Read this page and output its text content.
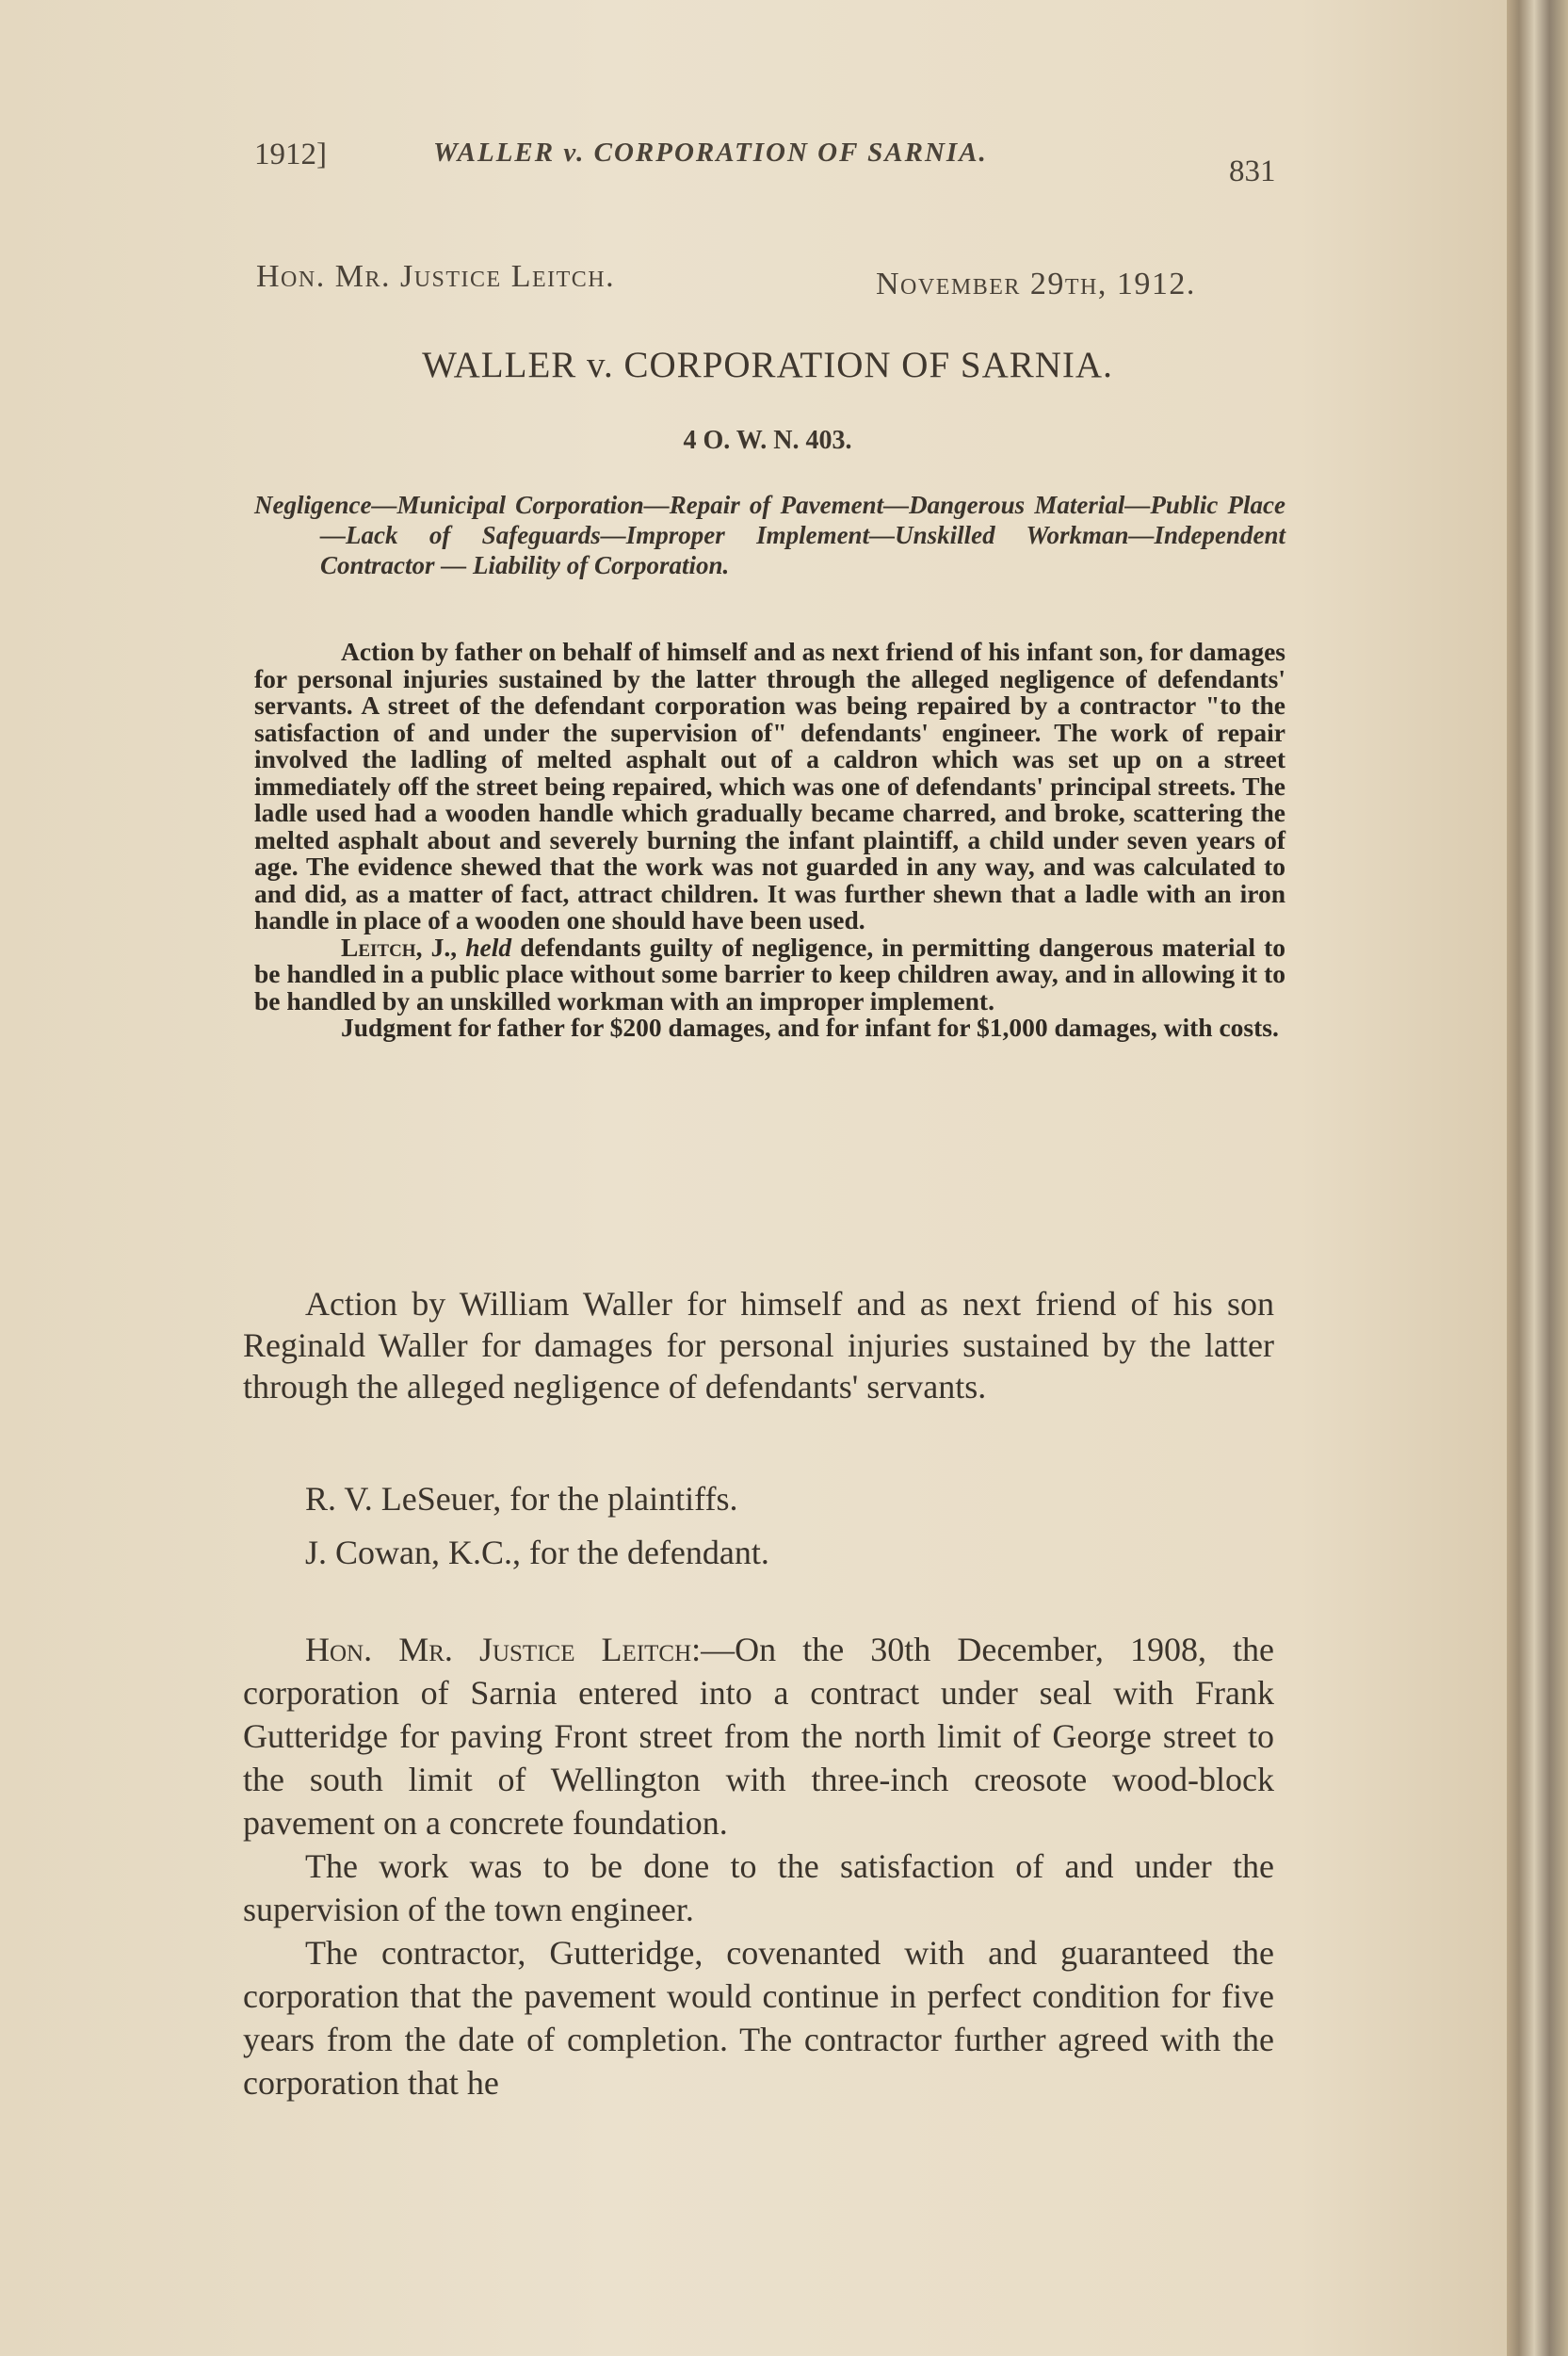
1912]	WALLER v. CORPORATION OF SARNIA.
831
Hon. Mr. Justice Leitch.	November 29th, 1912.
WALLER v. CORPORATION OF SARNIA.
4 O. W. N. 403.

Negligence—Municipal Corporation—Repair of Pavement—Dangerous Material—Public Place—Lack of Safeguards—Improper Implement—Unskilled Workman—Independent Contractor — Liability of Corporation.

Action by father on behalf of himself and as next friend of his infant son, for damages for personal injuries sustained by the latter through the alleged negligence of defendants' servants. A street of the defendant corporation was being repaired by a contractor "to the satisfaction of and under the supervision of" defendants' engineer. The work of repair involved the ladling of melted asphalt out of a caldron which was set up on a street immediately off the street being repaired, which was one of defendants' principal streets. The ladle used had a wooden handle which gradually became charred, and broke, scattering the melted asphalt about and severely burning the infant plaintiff, a child under seven years of age. The evidence shewed that the work was not guarded in any way, and was calculated to and did, as a matter of fact, attract children. It was further shewn that a ladle with an iron handle in place of a wooden one should have been used.

Leitch, J., held defendants guilty of negligence, in permitting dangerous material to be handled in a public place without some barrier to keep children away, and in allowing it to be handled by an unskilled workman with an improper implement.

Judgment for father for $200 damages, and for infant for $1,000 damages, with costs.

Action by William Waller for himself and as next friend of his son Reginald Waller for damages for personal injuries sustained by the latter through the alleged negligence of defendants' servants.

R. V. LeSeuer, for the plaintiffs.
J. Cowan, K.C., for the defendant.

Hon. Mr. Justice Leitch:—On the 30th December, 1908, the corporation of Sarnia entered into a contract under seal with Frank Gutteridge for paving Front street from the north limit of George street to the south limit of Wellington with three-inch creosote wood-block pavement on a concrete foundation.

The work was to be done to the satisfaction of and under the supervision of the town engineer.

The contractor, Gutteridge, covenanted with and guaranteed the corporation that the pavement would continue in perfect condition for five years from the date of completion. The contractor further agreed with the corporation that he
